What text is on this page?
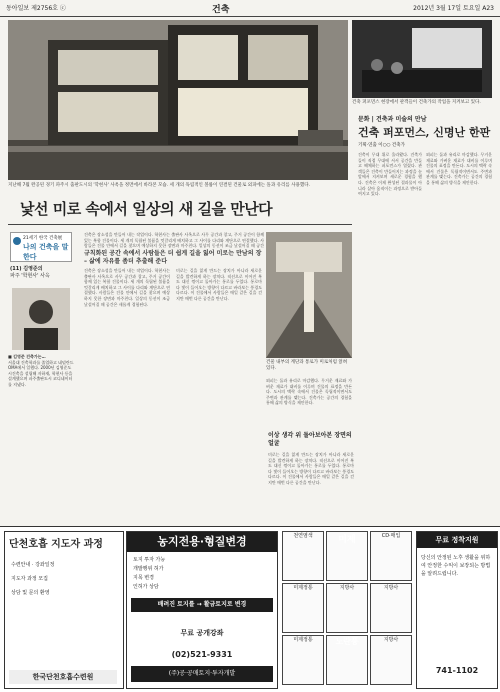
동아일보 제2756호 ⓒ	건축	2012년 3월 17일 토요일 A23
지난해 7월 완공된 경기 파주시 출판도시의 '학현사' 사옥을 정면에서 바라본 모습. 세 개의 독립적인 볼륨이 연결된 건물로 외피에는 돌과 유리를 사용했다.
건축 퍼포먼스 현장에서 관객들이 건축가의 작업을 지켜보고 있다.
문화 | 건축과 미술의 만남
건축 퍼포먼스, 신명난 한판
기획·연출 이○○ 건축가
건축이 무대 위로 올라왔다. 건축가들이 직접 무대에 서서 공간을 만들고 해체하는 퍼포먼스가 열렸다. 관객들은 건축이 만들어지는 과정을 눈앞에서 지켜보며 새로운 경험을 했다. 건축은 이제 완성된 결과물이 아니라 살아 움직이는 과정으로 받아들여지고 있다.
외피는 돌과 유리로 마감했다. 무거운 재료와 가벼운 재료가 대비를 이루며 건물의 표정을 만든다. 도시의 맥락 속에서 건물은 독립적이면서도 주변과 관계를 맺는다. 건축가는 공간의 경험을 통해 삶의 방식을 제안한다.
낯선 미로 속에서 일상의 새 길을 만난다
21세기 한국 건축展
나의 건축을 말한다
(11) 김영준의
파주 '학현사' 사옥
■ 김영준 건축가는…
서울대 건축학과를 졸업하고 네덜란드 OMA에서 일했다. 2000년 김영준도시건축을 설립해 자하재, 학현사 등을 설계했으며 파주출판도시 코디네이터를 지냈다.
건축은 장소성을 만들어 내는 작업이다. 학현사는 출판사 사옥으로 사무 공간과 창고, 주거 공간이 함께 있는 복합 건물이다. 세 개의 독립된 볼륨을 엇갈리게 배치하고 그 사이를 다리와 계단으로 연결했다. 사람들은 건물 안에서 길을 찾으며 예상하지 못한 장면과 마주친다. 일상의 동선이 조금 낯설어질 때 공간
규칙화된 공간 속에서 사람들은 더 쉽게 길을 잃어 미로는 만남의 장 – 삶에 자유를 좀더 추출해 준다
건축은 장소성을 만들어 내는 작업이다. 학현사는 출판사 사옥으로 사무 공간과 창고, 주거 공간이 함께 있는 복합 건물이다. 세 개의 독립된 볼륨을 엇갈리게 배치하고 그 사이를 다리와 계단으로 연결했다. 사람들은 건물 안에서 길을 찾으며 예상하지 못한 장면과 마주친다. 일상의 동선이 조금 낯설어질 때 공간은 새롭게 경험된다.
미로는 길을 잃게 만드는 장치가 아니라 새로운 길을 발견하게 하는 장치다. 직선으로 이어진 복도 대신 꺾이고 돌아가는 통로를 두었다. 통로마다 빛이 들어오는 방향이 다르고 바라보는 풍경도 다르다. 이 건물에서 사람들은 매일 같은 길을 걷지만 매번 다른 공간을 만난다.
건물 내부의 계단과 통로가 미로처럼 얽혀 있다.
외피는 돌과 유리로 마감했다. 무거운 재료와 가벼운 재료가 대비를 이루며 건물의 표정을 만든다. 도시의 맥락 속에서 건물은 독립적이면서도 주변과 관계를 맺는다. 건축가는 공간의 경험을 통해 삶의 방식을 제안한다.
이상 생각 위 돌아보아본 장면의 얼굴
미로는 길을 잃게 만드는 장치가 아니라 새로운 길을 발견하게 하는 장치다. 직선으로 이어진 복도 대신 꺾이고 돌아가는 통로를 두었다. 통로마다 빛이 들어오는 방향이 다르고 바라보는 풍경도 다르다. 이 건물에서 사람들은 매일 같은 길을 걷지만 매번 다른 공간을 만난다.
단천호흡 지도자 과정
수련안내 · 강좌일정
지도자 과정 모집
상담 및 문의 환영
한국단천호흡수련원
농지전용·형질변경
토지 투자 가능
개발행위 허가
지목 변경
인허가 상담
배려진 토지를 → 활금토지로 변경
무료 공개강좌
(02)521-9331
(주)공·공매토지·투자개발
천연염색	미제	CD·매입
미제정통	지방사	지방사
미제정통	노란풍	지방사
무료 정착지원
당신의 안정된 노후 생활을 위하여 안정한 수익이 보장되는 방법을 알려드립니다.
741-1102
